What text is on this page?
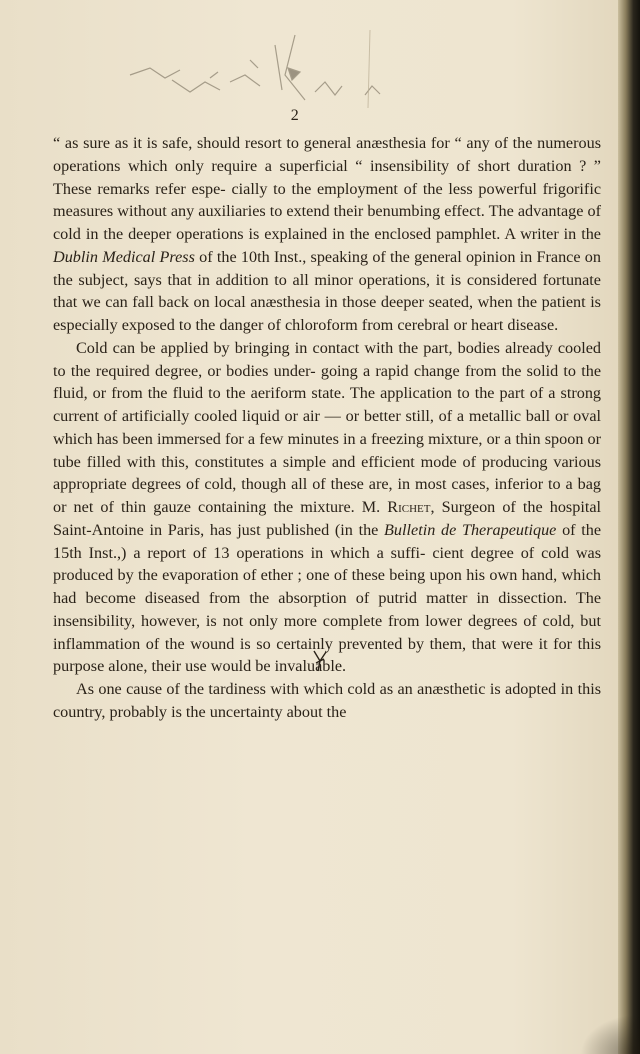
2

“ as sure as it is safe, should resort to general anæsthesia for “ any of the numerous operations which only require a superficial “ insensibility of short duration ? ” These remarks refer espe- cially to the employment of the less powerful frigorific measures without any auxiliaries to extend their benumbing effect. The advantage of cold in the deeper operations is explained in the enclosed pamphlet. A writer in the Dublin Medical Press of the 10th Inst., speaking of the general opinion in France on the subject, says that in addition to all minor operations, it is considered fortunate that we can fall back on local anæsthesia in those deeper seated, when the patient is especially exposed to the danger of chloroform from cerebral or heart disease.

Cold can be applied by bringing in contact with the part, bodies already cooled to the required degree, or bodies under- going a rapid change from the solid to the fluid, or from the fluid to the aeriform state. The application to the part of a strong current of artificially cooled liquid or air — or better still, of a metallic ball or oval which has been immersed for a few minutes in a freezing mixture, or a thin spoon or tube filled with this, constitutes a simple and efficient mode of producing various appropriate degrees of cold, though all of these are, in most cases, inferior to a bag or net of thin gauze containing the mixture. M. Richet, Surgeon of the hospital Saint-Antoine in Paris, has just published (in the Bulletin de Therapeutique of the 15th Inst.,) a report of 13 operations in which a suffi- cient degree of cold was produced by the evaporation of ether ; one of these being upon his own hand, which had become diseased from the absorption of putrid matter in dissection. The insensibility, however, is not only more complete from lower degrees of cold, but inflammation of the wound is so certainly prevented by them, that were it for this purpose alone, their use would be invaluable.

As one cause of the tardiness with which cold as an anæsthetic is adopted in this country, probably is the uncertainty about the
